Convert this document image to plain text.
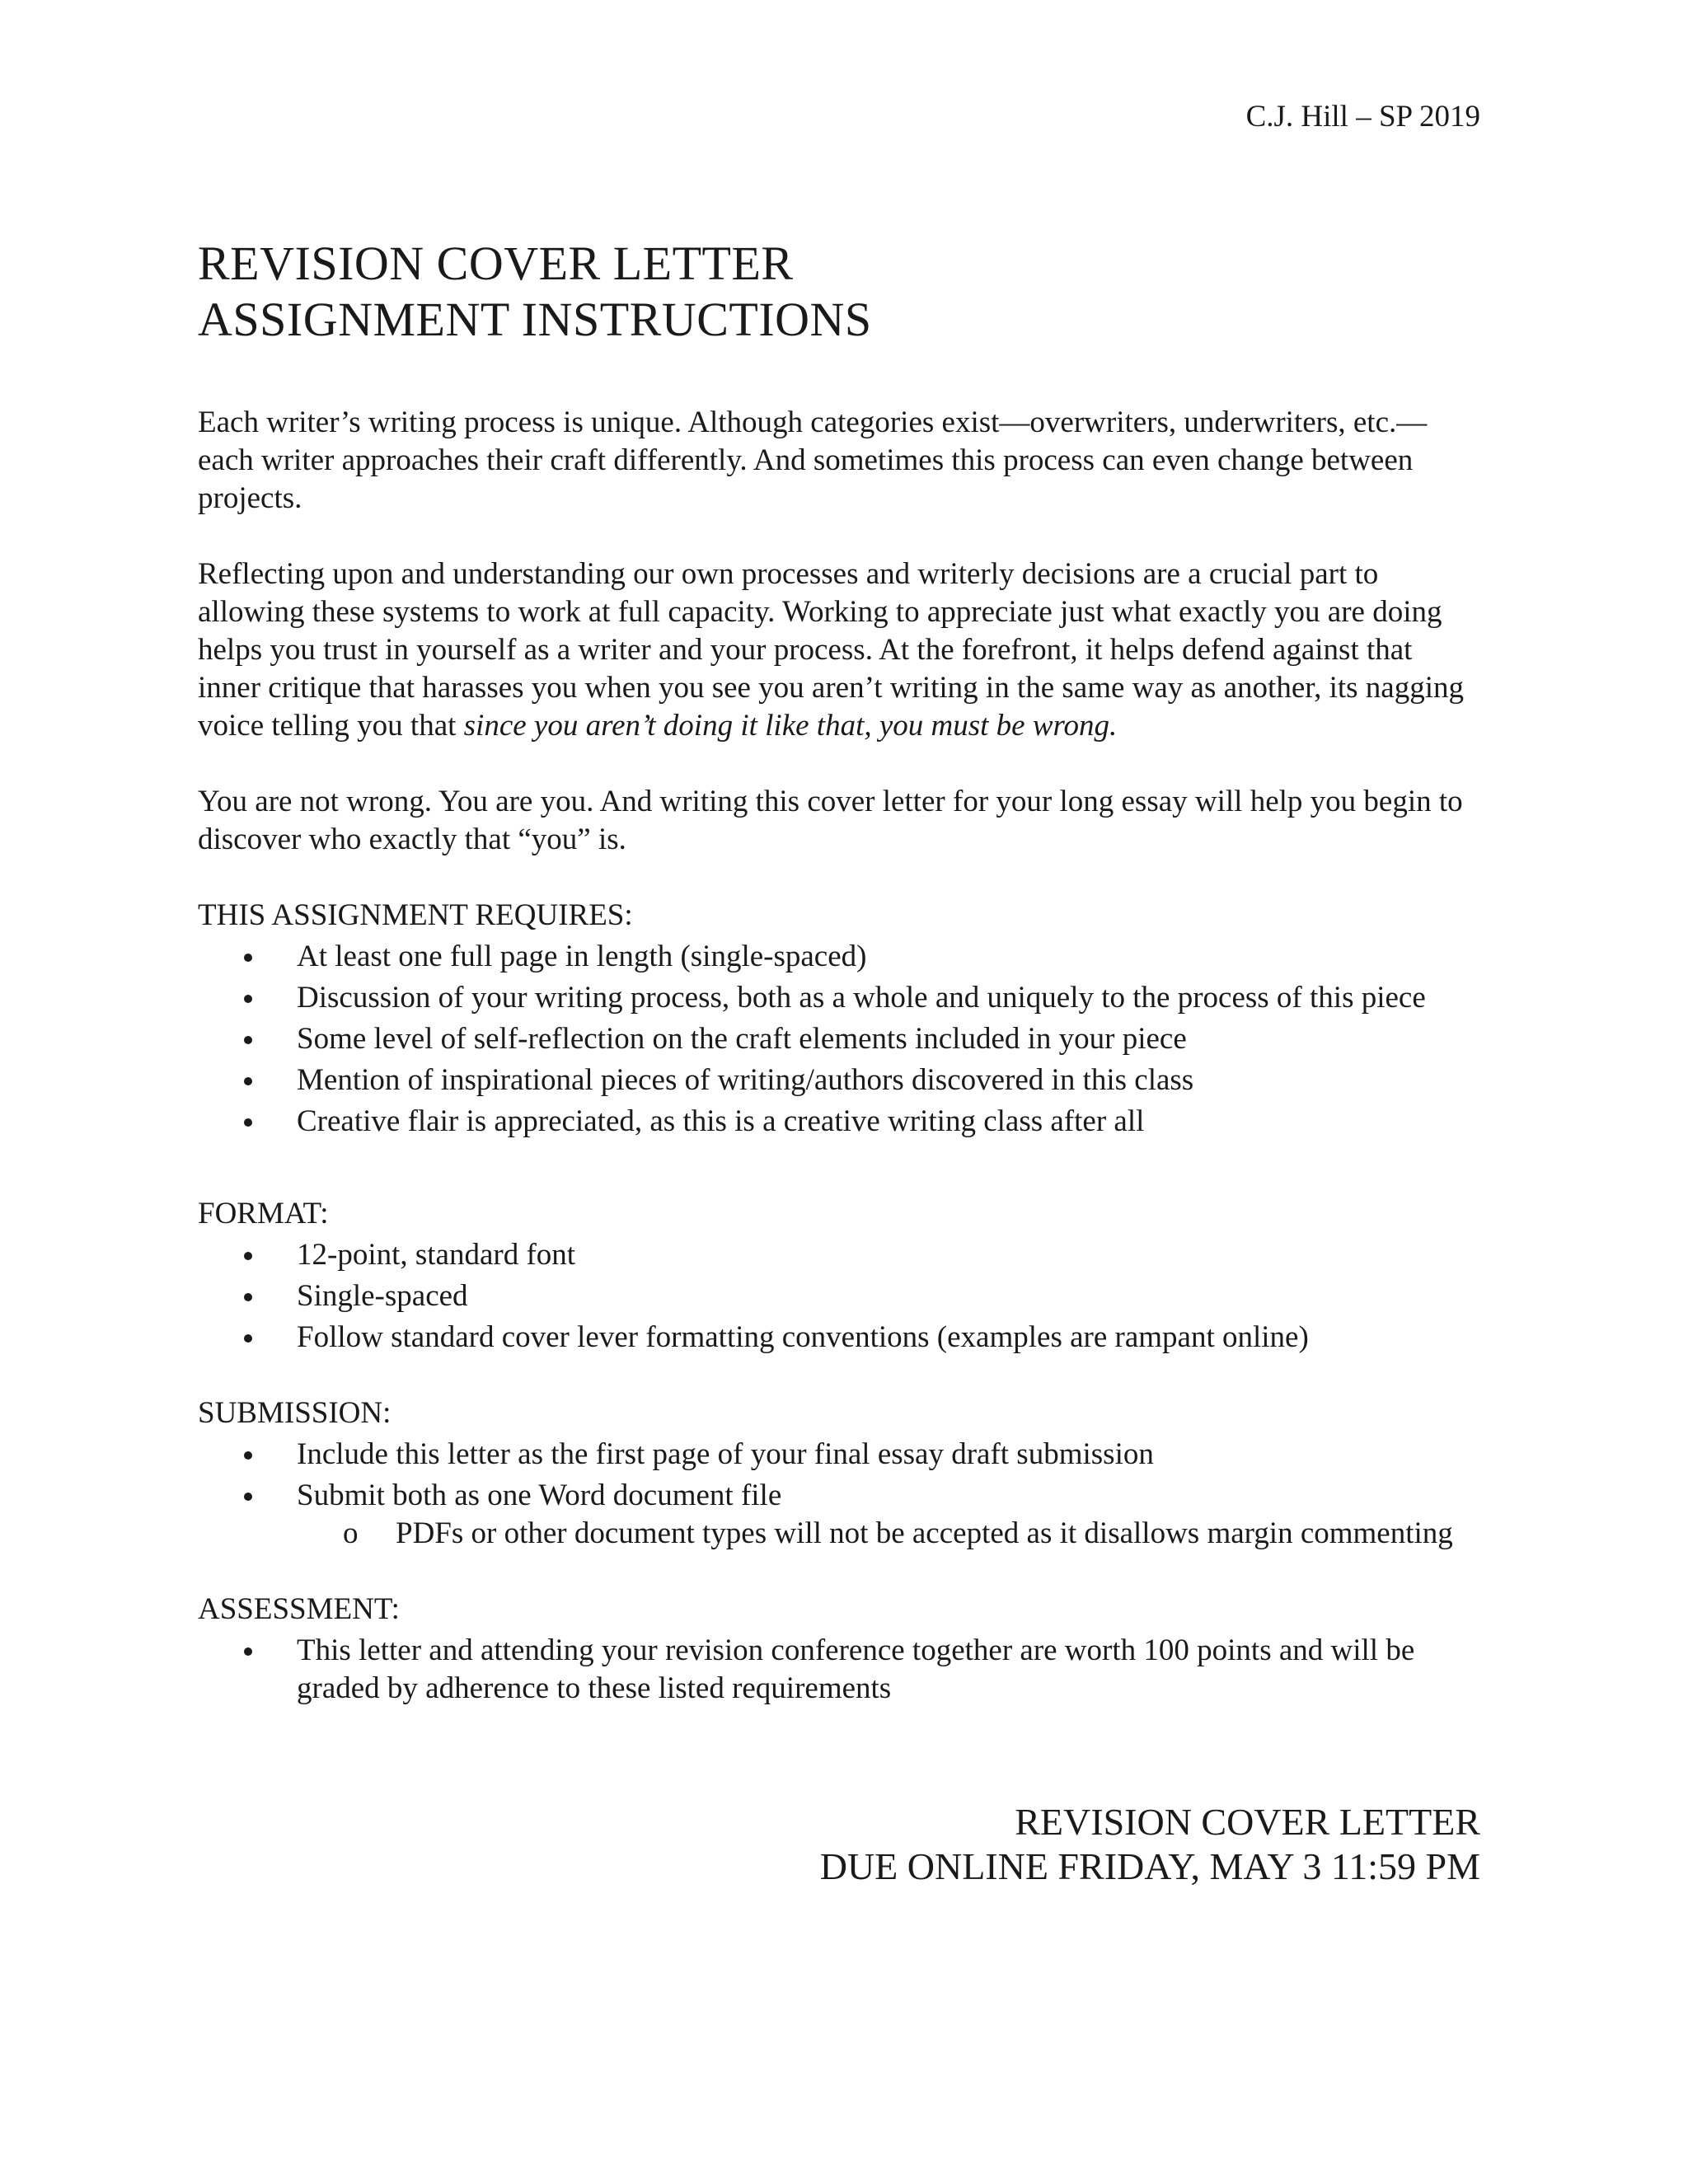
C.J. Hill – SP 2019

REVISION COVER LETTER
ASSIGNMENT INSTRUCTIONS

Each writer’s writing process is unique. Although categories exist—overwriters, underwriters, etc.—each writer approaches their craft differently. And sometimes this process can even change between projects.

Reflecting upon and understanding our own processes and writerly decisions are a crucial part to allowing these systems to work at full capacity. Working to appreciate just what exactly you are doing helps you trust in yourself as a writer and your process. At the forefront, it helps defend against that inner critique that harasses you when you see you aren’t writing in the same way as another, its nagging voice telling you that since you aren’t doing it like that, you must be wrong.

You are not wrong. You are you. And writing this cover letter for your long essay will help you begin to discover who exactly that “you” is.

THIS ASSIGNMENT REQUIRES:

At least one full page in length (single-spaced)
Discussion of your writing process, both as a whole and uniquely to the process of this piece
Some level of self-reflection on the craft elements included in your piece
Mention of inspirational pieces of writing/authors discovered in this class
Creative flair is appreciated, as this is a creative writing class after all

FORMAT:

12-point, standard font
Single-spaced
Follow standard cover lever formatting conventions (examples are rampant online)

SUBMISSION:

Include this letter as the first page of your final essay draft submission
Submit both as one Word document file
o PDFs or other document types will not be accepted as it disallows margin commenting

ASSESSMENT:

This letter and attending your revision conference together are worth 100 points and will be graded by adherence to these listed requirements
REVISION COVER LETTER
DUE ONLINE FRIDAY, MAY 3 11:59 PM
